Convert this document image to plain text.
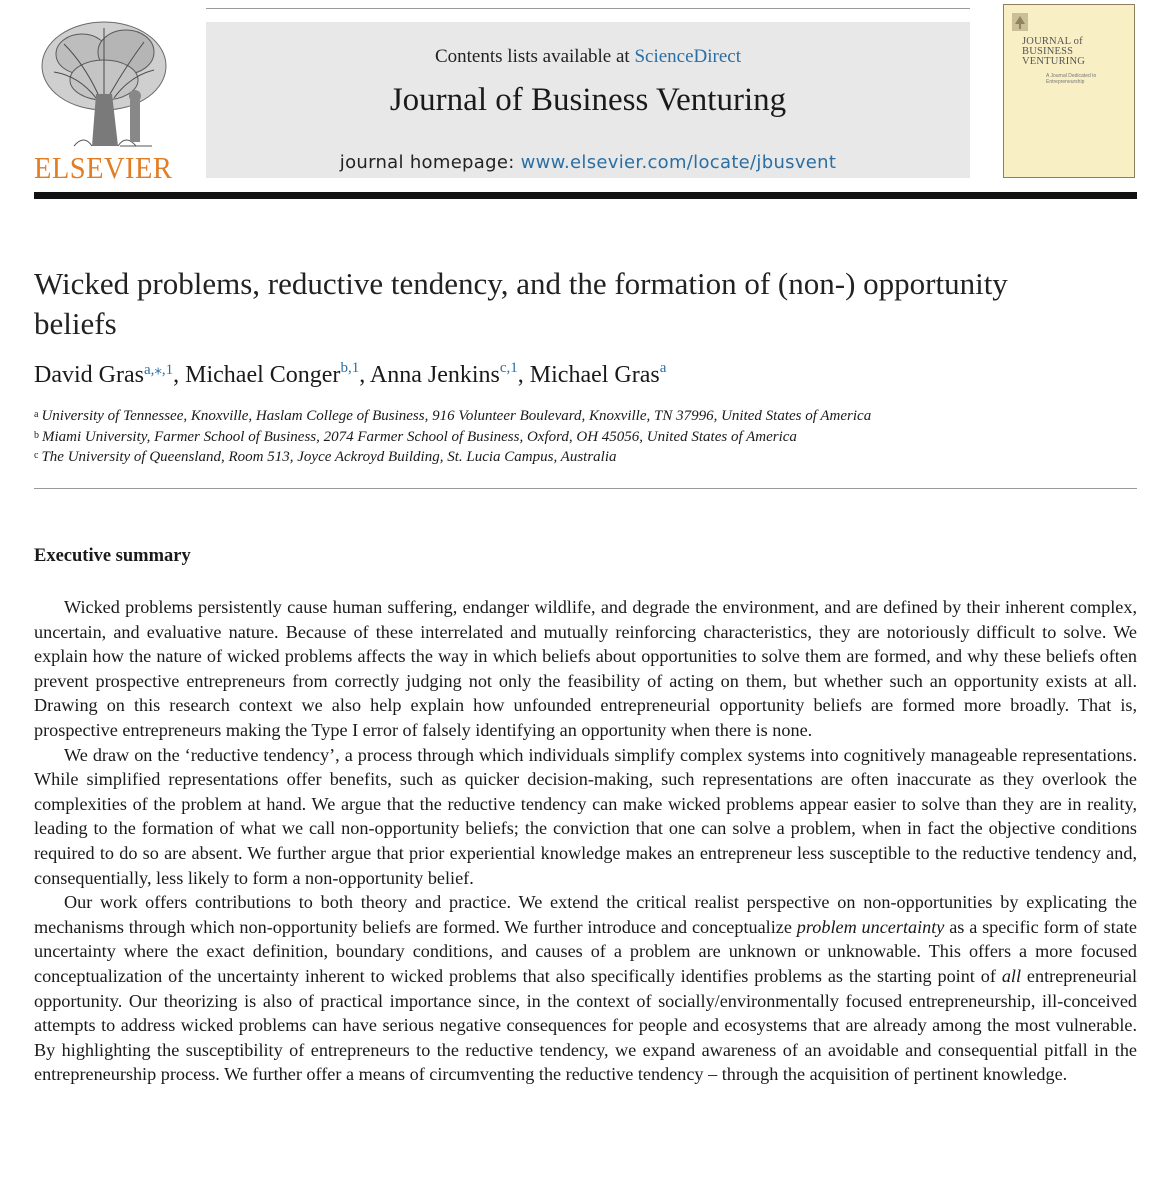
ELSEVIER
Contents lists available at ScienceDirect
Journal of Business Venturing
journal homepage: www.elsevier.com/locate/jbusvent
JOURNAL of BUSINESS VENTURING
A Journal Dedicated to Entrepreneurship
Wicked problems, reductive tendency, and the formation of (non-) opportunity beliefs
David Gras$^{a,⁎,1}$, Michael Conger$^{b,1}$, Anna Jenkins$^{c,1}$, Michael Gras$^a$
$^a$ University of Tennessee, Knoxville, Haslam College of Business, 916 Volunteer Boulevard, Knoxville, TN 37996, United States of America
$^b$ Miami University, Farmer School of Business, 2074 Farmer School of Business, Oxford, OH 45056, United States of America
$^c$ The University of Queensland, Room 513, Joyce Ackroyd Building, St. Lucia Campus, Australia
Executive summary

Wicked problems persistently cause human suffering, endanger wildlife, and degrade the environment, and are defined by their inherent complex, uncertain, and evaluative nature. Because of these interrelated and mutually reinforcing characteristics, they are notoriously difficult to solve. We explain how the nature of wicked problems affects the way in which beliefs about opportunities to solve them are formed, and why these beliefs often prevent prospective entrepreneurs from correctly judging not only the feasibility of acting on them, but whether such an opportunity exists at all. Drawing on this research context we also help explain how unfounded entrepreneurial opportunity beliefs are formed more broadly. That is, prospective entrepreneurs making the Type I error of falsely identifying an opportunity when there is none.

We draw on the ‘reductive tendency’, a process through which individuals simplify complex systems into cognitively manageable representations. While simplified representations offer benefits, such as quicker decision-making, such representations are often inaccurate as they overlook the complexities of the problem at hand. We argue that the reductive tendency can make wicked problems appear easier to solve than they are in reality, leading to the formation of what we call non-opportunity beliefs; the conviction that one can solve a problem, when in fact the objective conditions required to do so are absent. We further argue that prior experiential knowledge makes an entrepreneur less susceptible to the reductive tendency and, consequentially, less likely to form a non-opportunity belief.

Our work offers contributions to both theory and practice. We extend the critical realist perspective on non-opportunities by explicating the mechanisms through which non-opportunity beliefs are formed. We further introduce and conceptualize problem uncertainty as a specific form of state uncertainty where the exact definition, boundary conditions, and causes of a problem are unknown or unknowable. This offers a more focused conceptualization of the uncertainty inherent to wicked problems that also specifically identifies problems as the starting point of all entrepreneurial opportunity. Our theorizing is also of practical importance since, in the context of socially/environmentally focused entrepreneurship, ill-conceived attempts to address wicked problems can have serious negative consequences for people and ecosystems that are already among the most vulnerable. By highlighting the susceptibility of entrepreneurs to the reductive tendency, we expand awareness of an avoidable and consequential pitfall in the entrepreneurship process. We further offer a means of circumventing the reductive tendency – through the acquisition of pertinent knowledge.
